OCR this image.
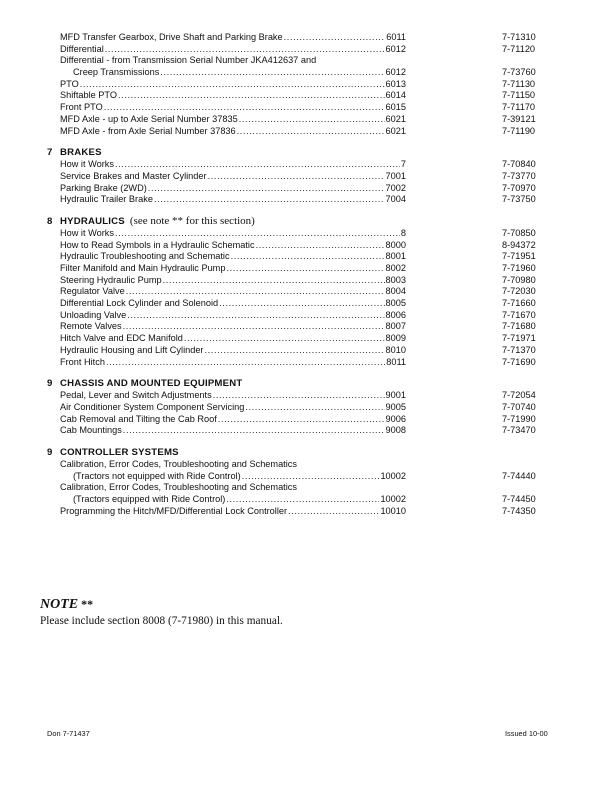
MFD Transfer Gearbox, Drive Shaft and Parking Brake .....	6011	7-71310
Differential .....	6012	7-71120
Differential - from Transmission Serial Number JKA412637 and
Creep Transmissions .....	6012	7-73760
PTO .....	6013	7-71130
Shiftable PTO .....	6014	7-71150
Front PTO .....	6015	7-71170
MFD Axle - up to Axle Serial Number 37835 .....	6021	7-39121
MFD Axle - from Axle Serial Number 37836 .....	6021	7-71190
7 BRAKES
How it Works .....	7	7-70840
Service Brakes and Master Cylinder .....	7001	7-73770
Parking Brake (2WD) .....	7002	7-70970
Hydraulic Trailer Brake .....	7004	7-73750
8 HYDRAULICS (see note ** for this section)
How it Works .....	8	7-70850
How to Read Symbols in a Hydraulic Schematic .....	8000	8-94372
Hydraulic Troubleshooting and Schematic .....	8001	7-71951
Filter Manifold and Main Hydraulic Pump .....	8002	7-71960
Steering Hydraulic Pump .....	8003	7-70980
Regulator Valve .....	8004	7-72030
Differential Lock Cylinder and Solenoid .....	8005	7-71660
Unloading Valve .....	8006	7-71670
Remote Valves .....	8007	7-71680
Hitch Valve and EDC Manifold .....	8009	7-71971
Hydraulic Housing and Lift Cylinder .....	8010	7-71370
Front Hitch .....	8011	7-71690
9 CHASSIS AND MOUNTED EQUIPMENT
Pedal, Lever and Switch Adjustments .....	9001	7-72054
Air Conditioner System Component Servicing .....	9005	7-70740
Cab Removal and Tilting the Cab Roof .....	9006	7-71990
Cab Mountings .....	9008	7-73470
9 CONTROLLER SYSTEMS
Calibration, Error Codes, Troubleshooting and Schematics
(Tractors not equipped with Ride Control) .....	10002	7-74440
Calibration, Error Codes, Troubleshooting and Schematics
(Tractors equipped with Ride Control) .....	10002	7-74450
Programming the Hitch/MFD/Differential Lock Controller .....	10010	7-74350
NOTE **
Please include section 8008 (7-71980) in this manual.
Don 7-71437	Issued 10-00
